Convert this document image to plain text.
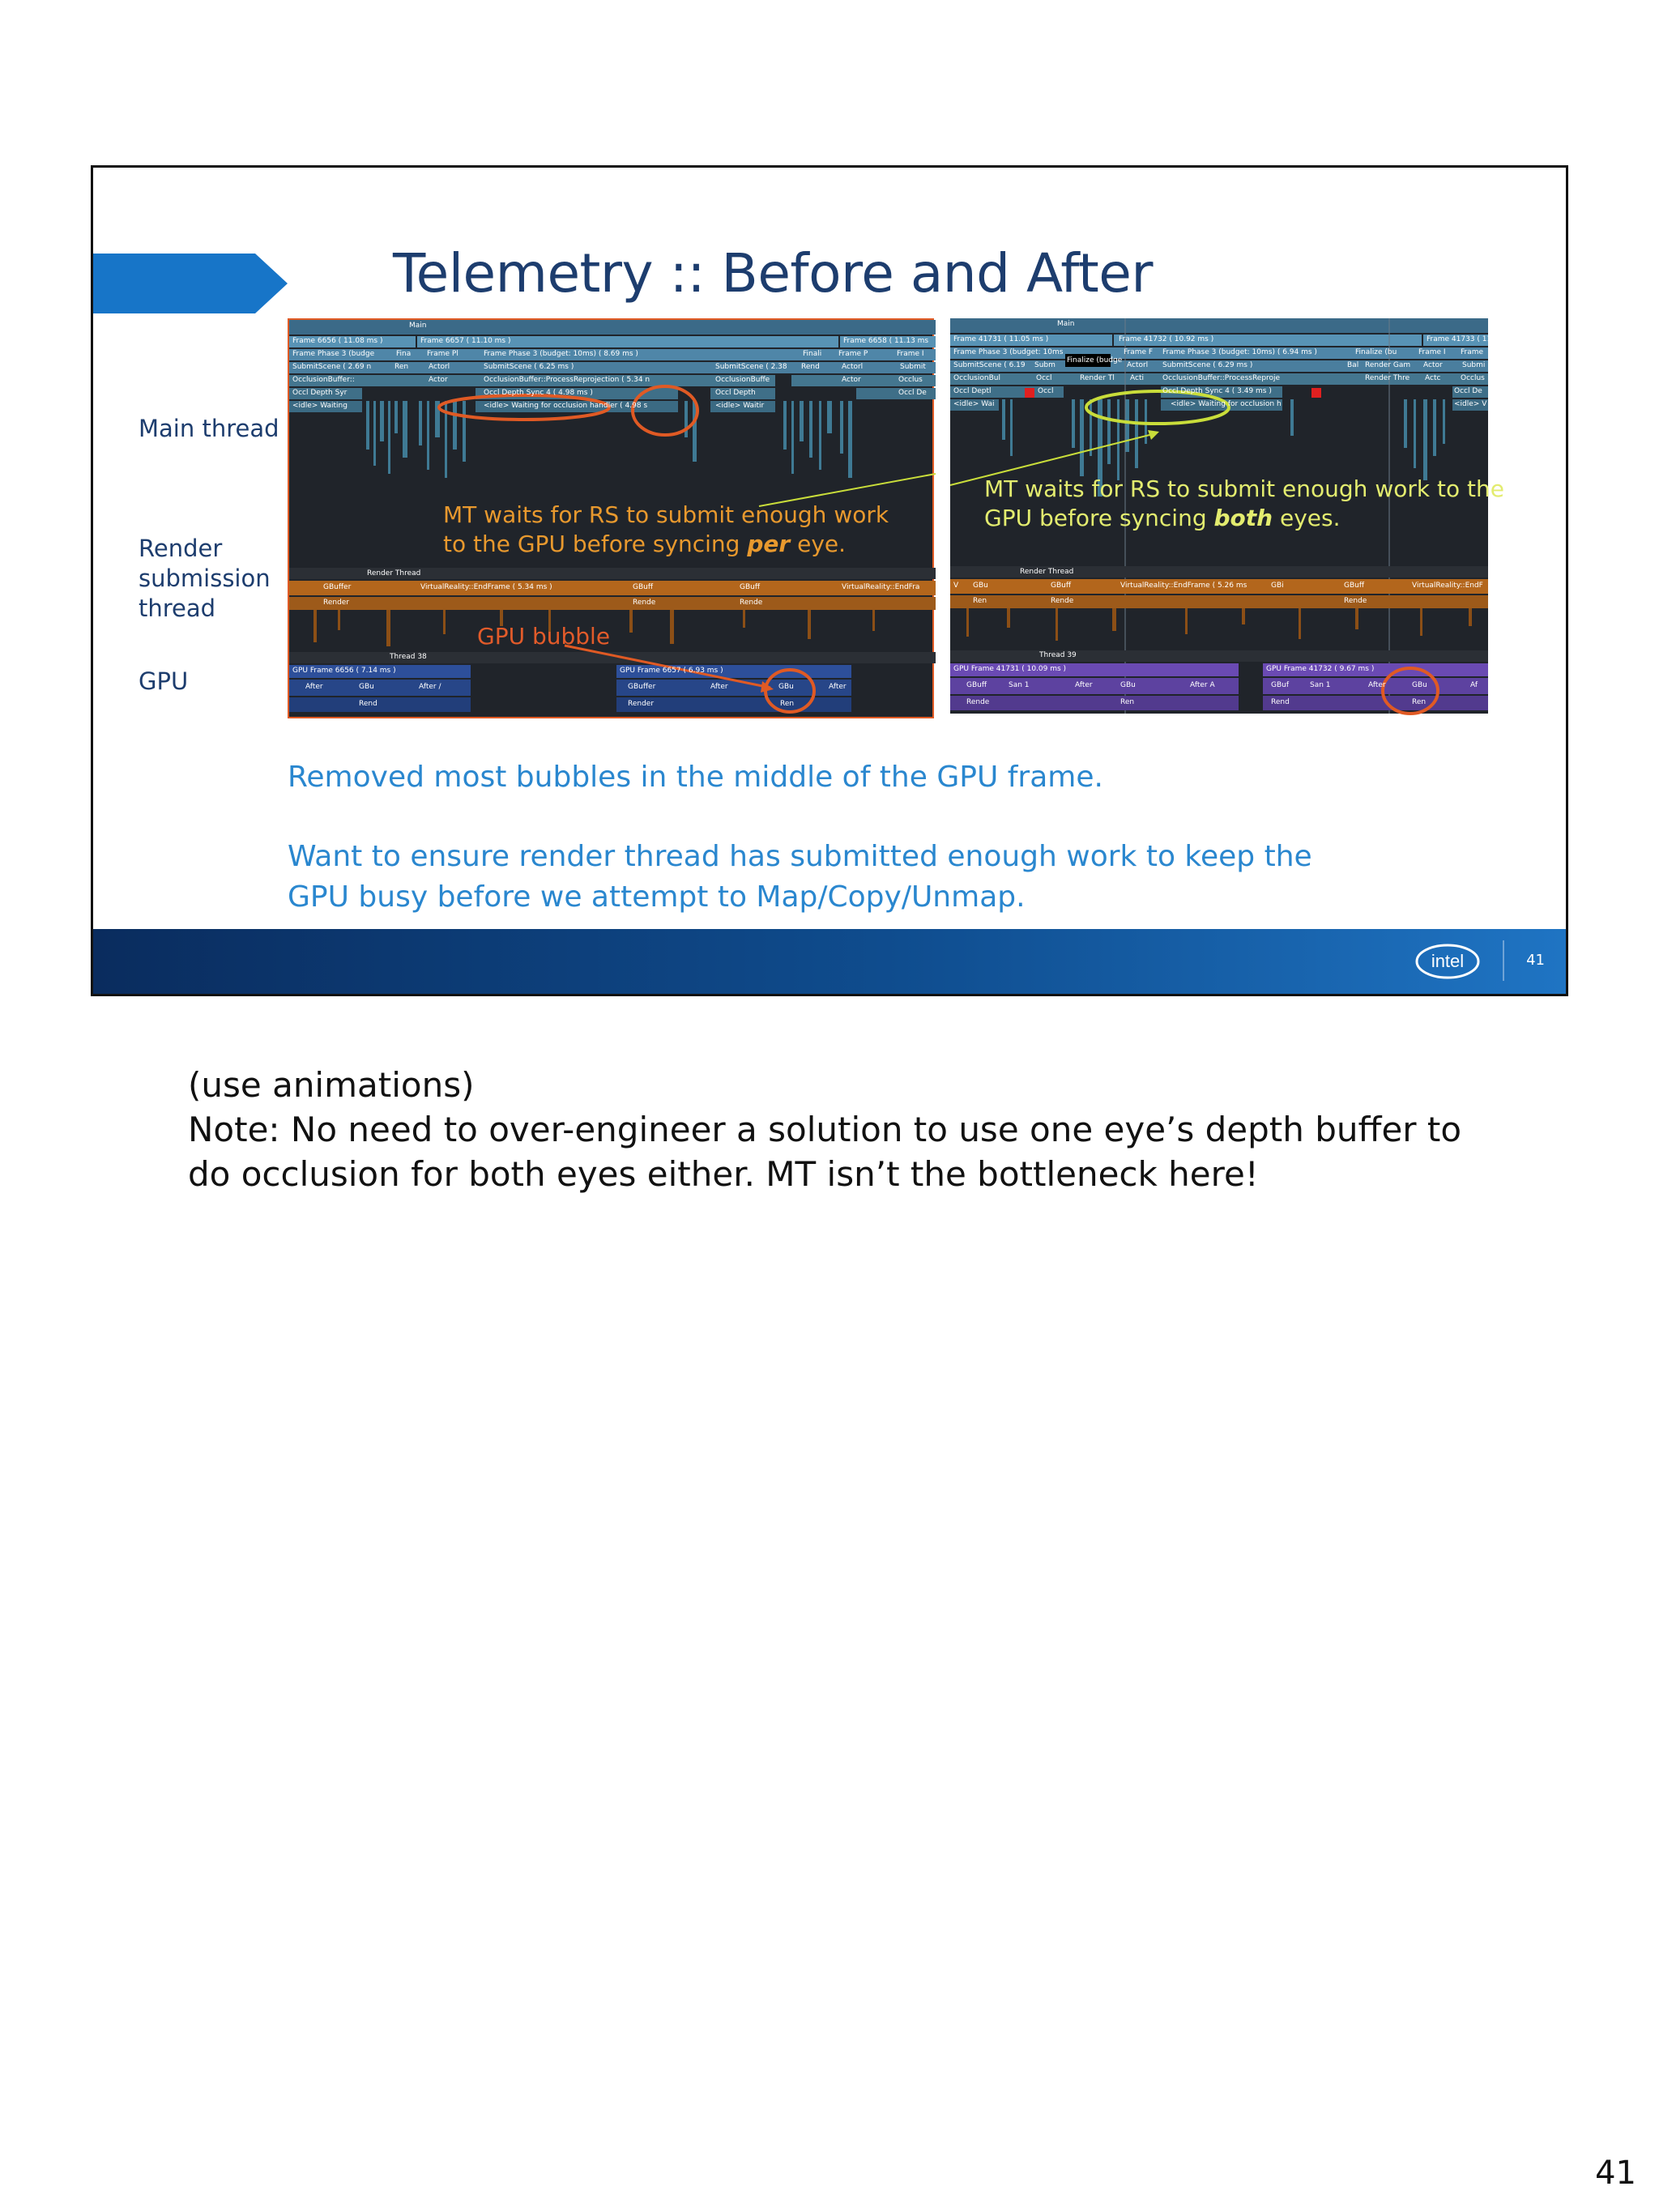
Telemetry :: Before and After
Main thread
Render
submission
thread
GPU
Main
Frame 6656 ( 11.08 ms )	Frame 6657 ( 11.10 ms )	Frame 6658 ( 11.13 ms
Frame Phase 3 (budge	Fina Frame Pl	Frame Phase 3 (budget: 10ms) ( 8.69 ms )	Finali Frame P	Frame I
SubmitScene ( 2.69 n	Ren	Actorl	SubmitScene ( 6.25 ms )	SubmitScene ( 2.38 Rend	Actorl	Submit
OcclusionBuffer::	Actor	OcclusionBuffer::ProcessReprojection ( 5.34 n	OcclusionBuffe	Actor	Occlus
Occl Depth Syr	Occl Depth Sync 4 ( 4.98 ms )	Occl Depth	Occl De
<idle> Waiting	<idle> Waiting for occlusion handler ( 4.98 s	<idle> Waitir
MT waits for RS to submit enough work
to the GPU before syncing per eye.
Render Thread
GBuffer	VirtualReality::EndFrame ( 5.34 ms )	GBuff	GBuff	VirtualReality::EndFra
Render	Rende	Rende
GPU bubble
Thread 38
GPU Frame 6656 ( 7.14 ms )	GPU Frame 6657 ( 6.93 ms )
After	GBu	After /	GBuffer	After	GBu	After
Rend	Render	Ren
Main
Frame 41731 ( 11.05 ms )	Frame 41732 ( 10.92 ms )	Frame 41733 ( 11.5
Frame Phase 3 (budget: 10ms	Frame F Frame Phase 3 (budget: 10ms) ( 6.94 ms )	Finalize (bu	Frame I Frame
Finalize (budge
SubmitScene ( 6.19 Subm	Actorl SubmitScene ( 6.29 ms )	Bal Render Gam Actor	Submi
OcclusionBul	Occl	Render Tl Acti	OcclusionBuffer::ProcessReproje	Render Thre Actc	Occlus
Occl Deptl	Occl	Occl Depth Sync 4 ( 3.49 ms )	Occl De
<idle> Wai	<idle> Waiting for occlusion h	<idle> V
MT waits for RS to submit enough work to the
GPU before syncing both eyes.
Render Thread
V GBu	GBuff	VirtualReality::EndFrame ( 5.26 ms	GBi	GBuff	VirtualReality::EndF
Ren	Rende	Rende
Thread 39
GPU Frame 41731 ( 10.09 ms )	GPU Frame 41732 ( 9.67 ms )
GBuff	San 1	After	GBu	After A	GBuf	San 1	After	GBu	Af
Rende	Ren	Rend	Ren
Removed most bubbles in the middle of the GPU frame.
Want to ensure render thread has submitted enough work to keep the
GPU busy before we attempt to Map/Copy/Unmap.
intel	41
(use animations)
Note: No need to over-engineer a solution to use one eye’s depth buffer to
do occlusion for both eyes either. MT isn’t the bottleneck here!
41
